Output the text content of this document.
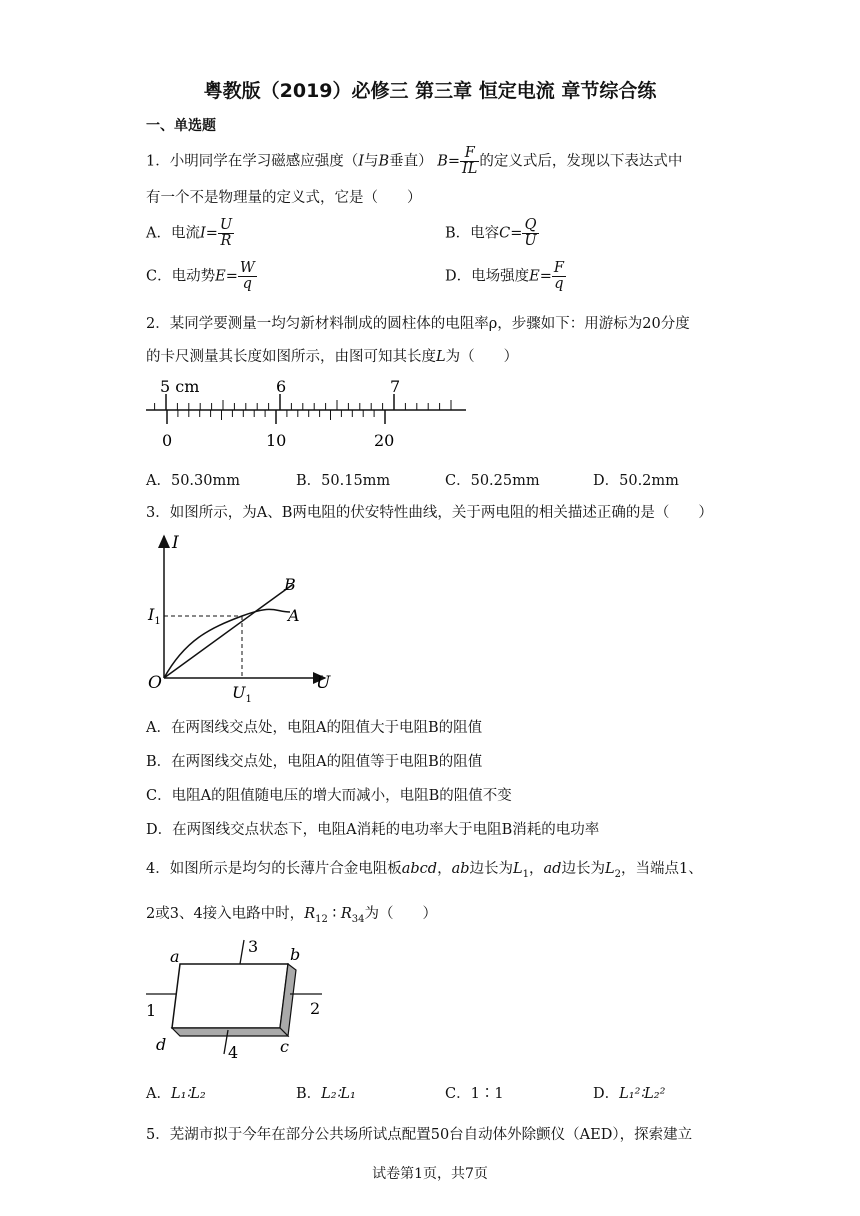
粤教版（2019）必修三 第三章 恒定电流 章节综合练
一、单选题
1．小明同学在学习磁感应强度（I与B垂直） $B= \frac{F}{IL}$ 的定义式后，发现以下表达式中
有一个不是物理量的定义式，它是（　　）
A．电流$I= \frac{U}{R}$	B．电容$C= \frac{Q}{U}$
C．电动势$E= \frac{W}{q}$	D．电场强度$E= \frac{F}{q}$
2．某同学要测量一均匀新材料制成的圆柱体的电阻率ρ，步骤如下：用游标为20分度
的卡尺测量其长度如图所示，由图可知其长度L为（　　）
5 cm	6	7
0	10	20
A．50.30mm	B．50.15mm	C．50.25mm	D．50.2mm
3．如图所示，为A、B两电阻的伏安特性曲线，关于两电阻的相关描述正确的是（　　）
I
U
O
$I_1$
$U_1$
B
A
A．在两图线交点处，电阻A的阻值大于电阻B的阻值
B．在两图线交点处，电阻A的阻值等于电阻B的阻值
C．电阻A的阻值随电压的增大而减小，电阻B的阻值不变
D．在两图线交点状态下，电阻A消耗的电功率大于电阻B消耗的电功率
4．如图所示是均匀的长薄片合金电阻板abcd，ab边长为$L_1$，ad边长为$L_2$，当端点1、
2或3、4接入电路中时，$R_{12}$ ∶ $R_{34}$为（　　）
a	b
c
d
1	2
3
4
A．L₁∶L₂	B．L₂∶L₁	C．1∶1	D．L₁²∶L₂²
5．芜湖市拟于今年在部分公共场所试点配置50台自动体外除颤仪（AED），探索建立
试卷第1页，共7页
